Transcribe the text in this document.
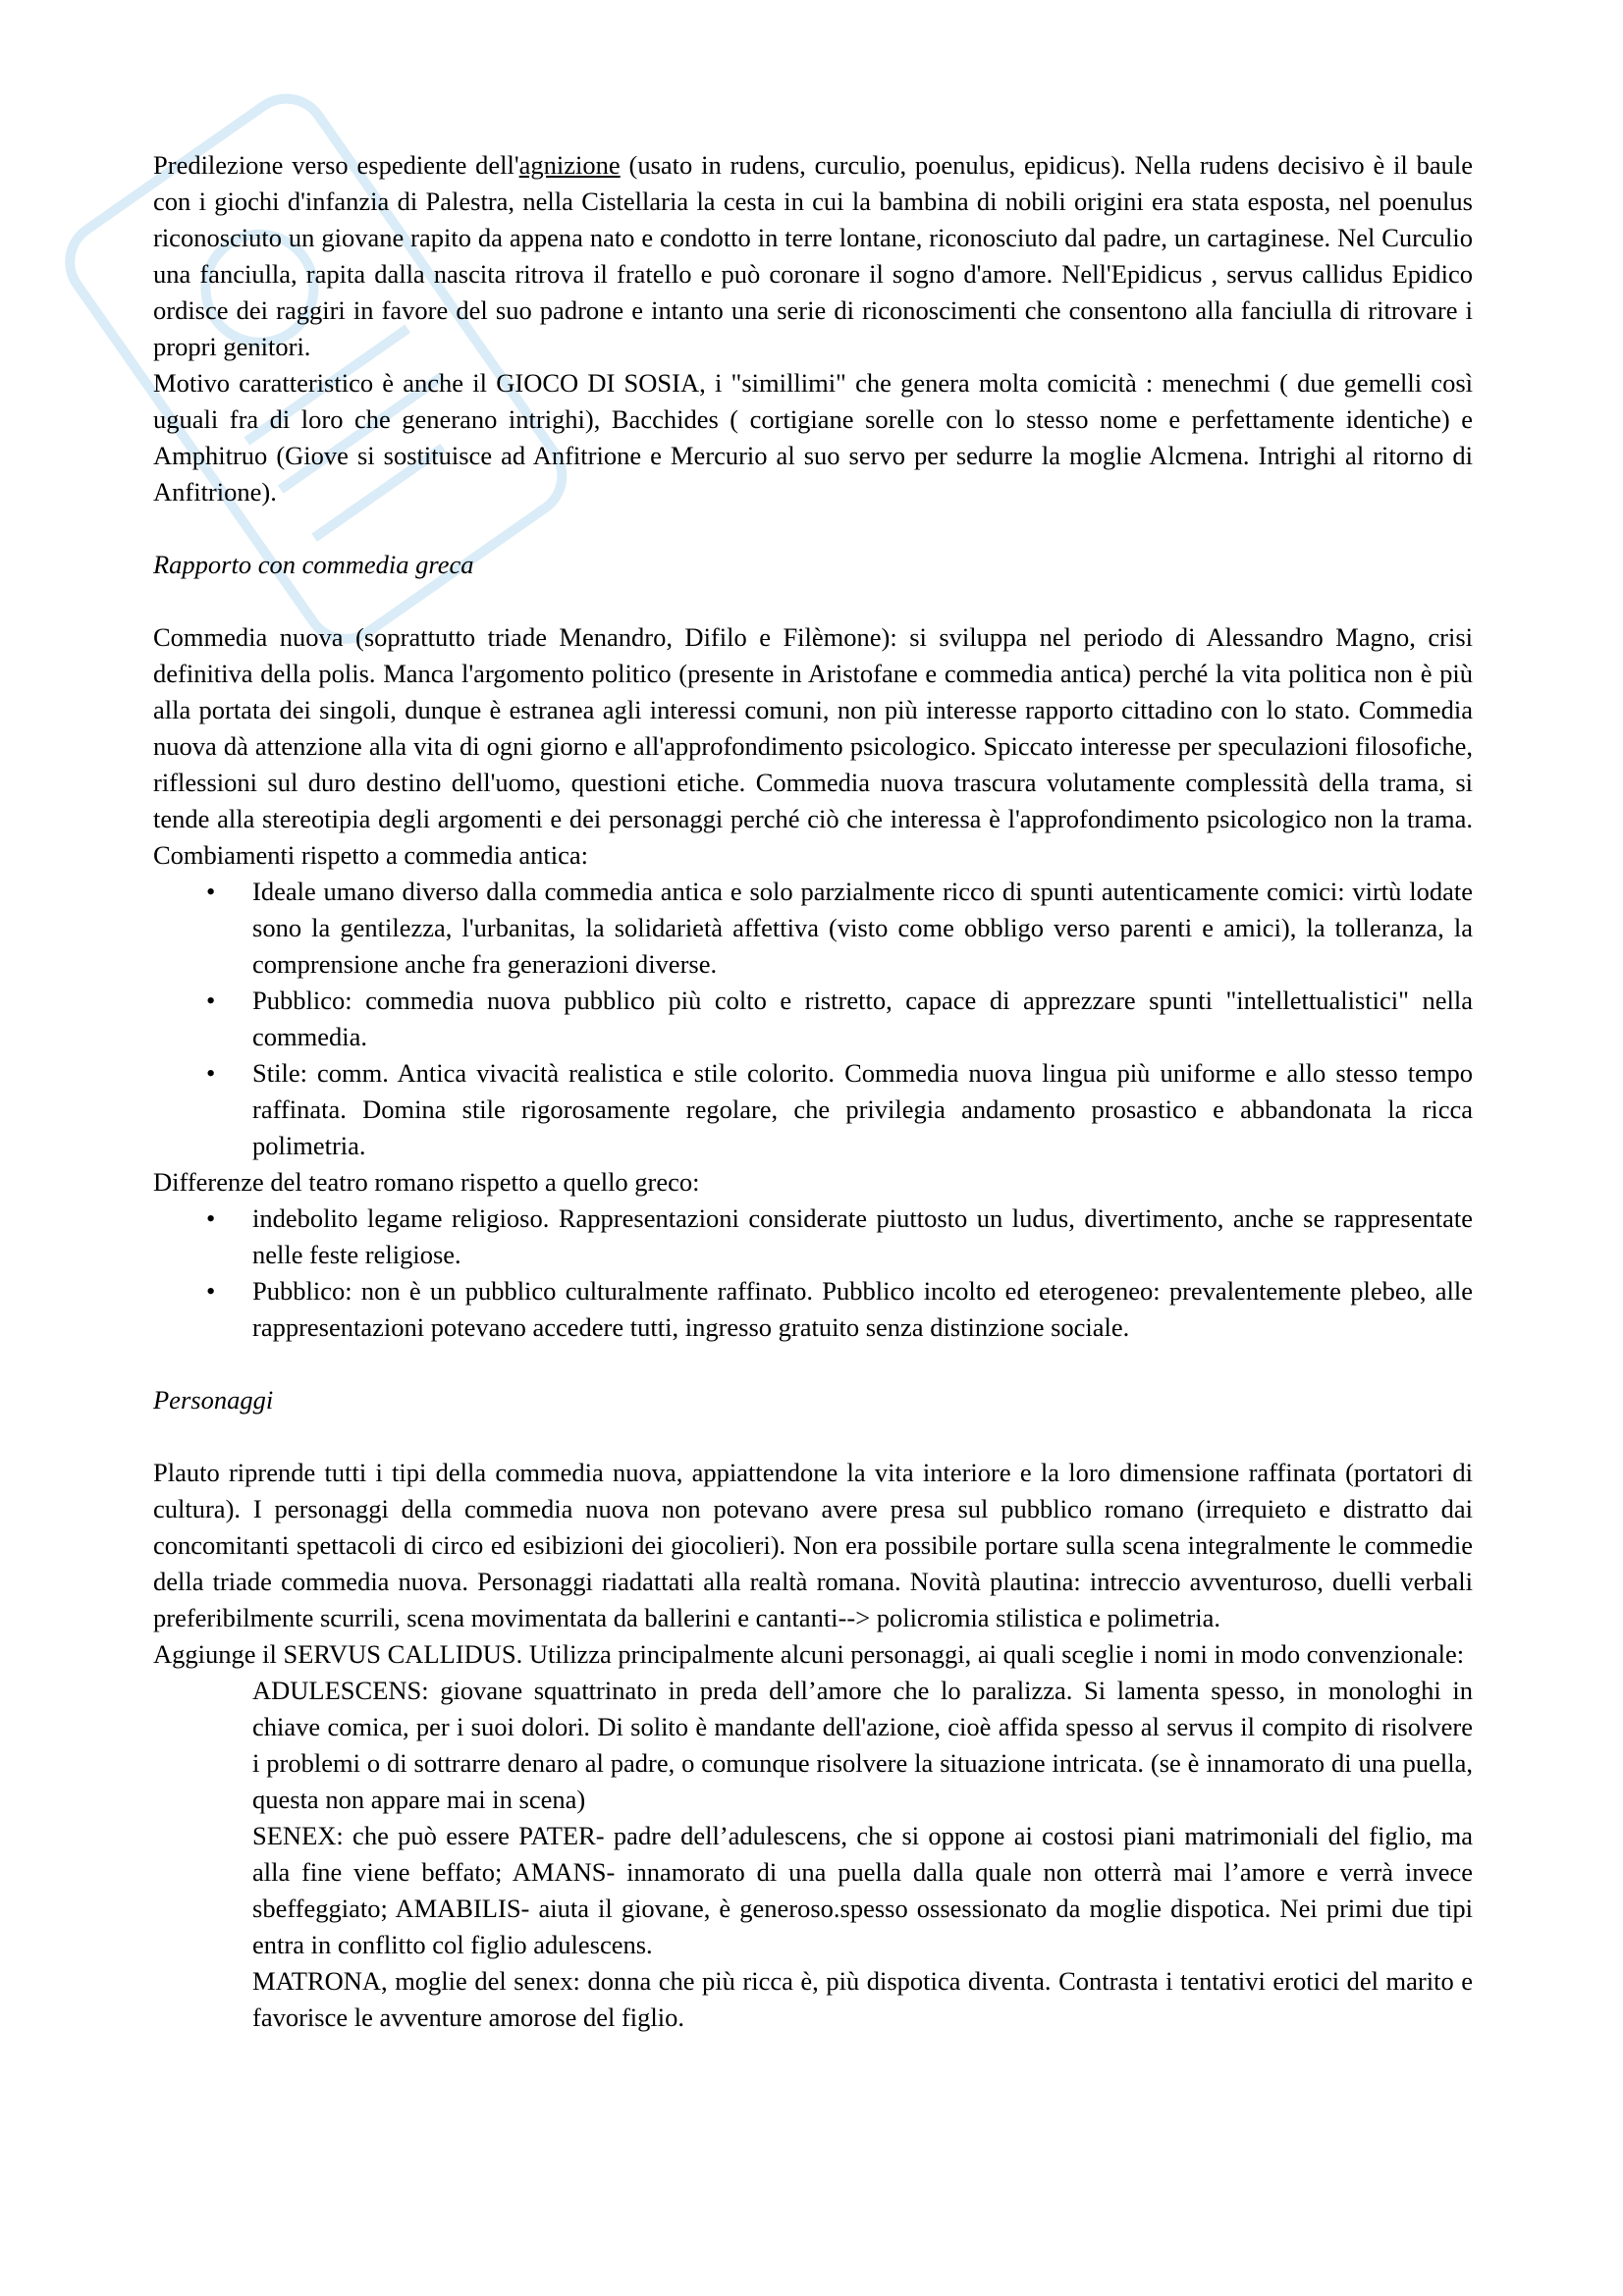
Predilezione verso espediente dell'agnizione (usato in rudens, curculio, poenulus, epidicus). Nella rudens decisivo è il baule con i giochi d'infanzia di Palestra, nella Cistellaria la cesta in cui la bambina di nobili origini era stata esposta, nel poenulus riconosciuto un giovane rapito da appena nato e condotto in terre lontane, riconosciuto dal padre, un cartaginese. Nel Curculio una fanciulla, rapita dalla nascita ritrova il fratello e può coronare il sogno d'amore. Nell'Epidicus , servus callidus Epidico ordisce dei raggiri in favore del suo padrone e intanto una serie di riconoscimenti che consentono alla fanciulla di ritrovare i propri genitori.

Motivo caratteristico è anche il GIOCO DI SOSIA, i "simillimi" che genera molta comicità : menechmi ( due gemelli così uguali fra di loro che generano intrighi), Bacchides ( cortigiane sorelle con lo stesso nome e perfettamente identiche) e Amphitruo (Giove si sostituisce ad Anfitrione e Mercurio al suo servo per sedurre la moglie Alcmena. Intrighi al ritorno di Anfitrione).

Rapporto con commedia greca

Commedia nuova (soprattutto triade Menandro, Difilo e Filèmone): si sviluppa nel periodo di Alessandro Magno, crisi definitiva della polis. Manca l'argomento politico (presente in Aristofane e commedia antica) perché la vita politica non è più alla portata dei singoli, dunque è estranea agli interessi comuni, non più interesse rapporto cittadino con lo stato. Commedia nuova dà attenzione alla vita di ogni giorno e all'approfondimento psicologico. Spiccato interesse per speculazioni filosofiche, riflessioni sul duro destino dell'uomo, questioni etiche. Commedia nuova trascura volutamente complessità della trama, si tende alla stereotipia degli argomenti e dei personaggi perché ciò che interessa è l'approfondimento psicologico non la trama. Combiamenti rispetto a commedia antica:

• Ideale umano diverso dalla commedia antica e solo parzialmente ricco di spunti autenticamente comici: virtù lodate sono la gentilezza, l'urbanitas, la solidarietà affettiva (visto come obbligo verso parenti e amici), la tolleranza, la comprensione anche fra generazioni diverse.
• Pubblico: commedia nuova pubblico più colto e ristretto, capace di apprezzare spunti "intellettualistici" nella commedia.
• Stile: comm. Antica vivacità realistica e stile colorito. Commedia nuova lingua più uniforme e allo stesso tempo raffinata. Domina stile rigorosamente regolare, che privilegia andamento prosastico e abbandonata la ricca polimetria.

Differenze del teatro romano rispetto a quello greco:

• indebolito legame religioso. Rappresentazioni considerate piuttosto un ludus, divertimento, anche se rappresentate nelle feste religiose.
• Pubblico: non è un pubblico culturalmente raffinato. Pubblico incolto ed eterogeneo: prevalentemente plebeo, alle rappresentazioni potevano accedere tutti, ingresso gratuito senza distinzione sociale.

Personaggi

Plauto riprende tutti i tipi della commedia nuova, appiattendone la vita interiore e la loro dimensione raffinata (portatori di cultura). I personaggi della commedia nuova non potevano avere presa sul pubblico romano (irrequieto e distratto dai concomitanti spettacoli di circo ed esibizioni dei giocolieri). Non era possibile portare sulla scena integralmente le commedie della triade commedia nuova. Personaggi riadattati alla realtà romana. Novità plautina: intreccio avventuroso, duelli verbali preferibilmente scurrili, scena movimentata da ballerini e cantanti--> policromia stilistica e polimetria.

Aggiunge il SERVUS CALLIDUS. Utilizza principalmente alcuni personaggi, ai quali sceglie i nomi in modo convenzionale:

ADULESCENS: giovane squattrinato in preda dell’amore che lo paralizza. Si lamenta spesso, in monologhi in chiave comica, per i suoi dolori. Di solito è mandante dell'azione, cioè affida spesso al servus il compito di risolvere i problemi o di sottrarre denaro al padre, o comunque risolvere la situazione intricata. (se è innamorato di una puella, questa non appare mai in scena)

SENEX: che può essere PATER- padre dell’adulescens, che si oppone ai costosi piani matrimoniali del figlio, ma alla fine viene beffato; AMANS- innamorato di una puella dalla quale non otterrà mai l’amore e verrà invece sbeffeggiato; AMABILIS- aiuta il giovane, è generoso.spesso ossessionato da moglie dispotica. Nei primi due tipi entra in conflitto col figlio adulescens.

MATRONA, moglie del senex: donna che più ricca è, più dispotica diventa. Contrasta i tentativi erotici del marito e favorisce le avventure amorose del figlio.
